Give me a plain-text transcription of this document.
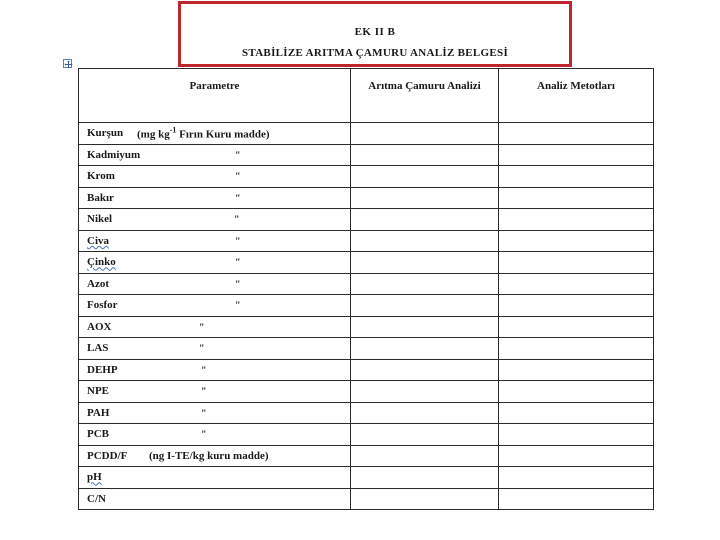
EK II B
STABİLİZE ARITMA ÇAMURU ANALİZ BELGESİ
Parametre	Arıtma Çamuru Analizi	Analiz Metotları

Kurşun (mg $kg^{-1}$ Fırın Kuru madde)		

Kadmiyum "		

Krom "		

Bakır "		

Nikel "		

Civa "		

Çinko "		

Azot "		

Fosfor "		

AOX "		

LAS "		

DEHP "		

NPE "		

PAH "		

PCB "		

PCDD/F (ng I-TE/kg kuru madde)		

pH		

C/N		
